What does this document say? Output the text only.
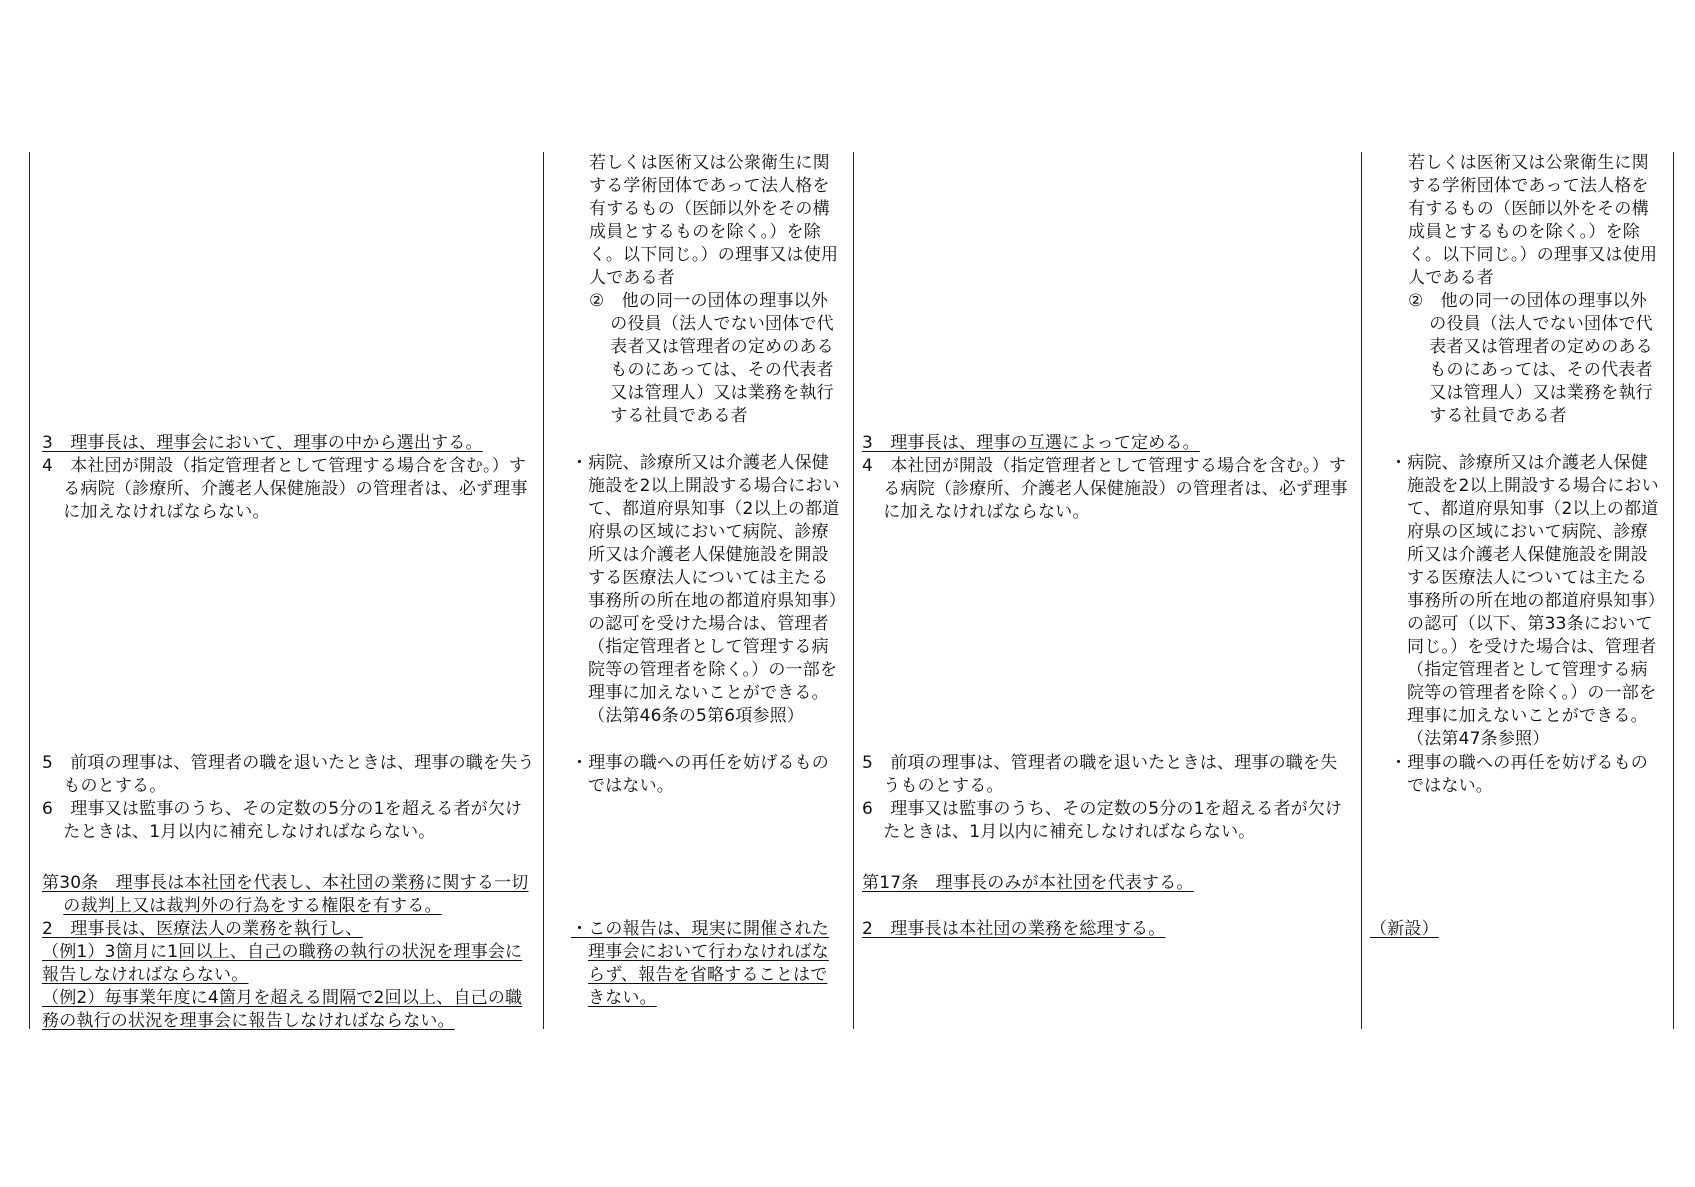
3　理事長は、理事会において、理事の中から選出する。

4　本社団が開設（指定管理者として管理する場合を含む。）する病院（診療所、介護老人保健施設）の管理者は、必ず理事に加えなければならない。

5　前項の理事は、管理者の職を退いたときは、理事の職を失うものとする。

6　理事又は監事のうち、その定数の5分の1を超える者が欠けたときは、1月以内に補充しなければならない。

第30条　理事長は本社団を代表し、本社団の業務に関する一切の裁判上又は裁判外の行為をする権限を有する。

2　理事長は、医療法人の業務を執行し、

（例1）3箇月に1回以上、自己の職務の執行の状況を理事会に報告しなければならない。

（例2）毎事業年度に4箇月を超える間隔で2回以上、自己の職務の執行の状況を理事会に報告しなければならない。

若しくは医術又は公衆衛生に関する学術団体であって法人格を有するもの（医師以外をその構成員とするものを除く。）を除く。以下同じ。）の理事又は使用人である者

②　他の同一の団体の理事以外の役員（法人でない団体で代表者又は管理者の定めのあるものにあっては、その代表者又は管理人）又は業務を執行する社員である者

・病院、診療所又は介護老人保健施設を2以上開設する場合において、都道府県知事（2以上の都道府県の区域において病院、診療所又は介護老人保健施設を開設する医療法人については主たる事務所の所在地の都道府県知事）の認可を受けた場合は、管理者（指定管理者として管理する病院等の管理者を除く。）の一部を理事に加えないことができる。（法第46条の5第6項参照）

・理事の職への再任を妨げるものではない。

・この報告は、現実に開催された理事会において行わなければならず、報告を省略することはできない。

3　理事長は、理事の互選によって定める。

4　本社団が開設（指定管理者として管理する場合を含む。）する病院（診療所、介護老人保健施設）の管理者は、必ず理事に加えなければならない。

5　前項の理事は、管理者の職を退いたときは、理事の職を失うものとする。

6　理事又は監事のうち、その定数の5分の1を超える者が欠けたときは、1月以内に補充しなければならない。

第17条　理事長のみが本社団を代表する。

2　理事長は本社団の業務を総理する。

若しくは医術又は公衆衛生に関する学術団体であって法人格を有するもの（医師以外をその構成員とするものを除く。）を除く。以下同じ。）の理事又は使用人である者

②　他の同一の団体の理事以外の役員（法人でない団体で代表者又は管理者の定めのあるものにあっては、その代表者又は管理人）又は業務を執行する社員である者

・病院、診療所又は介護老人保健施設を2以上開設する場合において、都道府県知事（2以上の都道府県の区域において病院、診療所又は介護老人保健施設を開設する医療法人については主たる事務所の所在地の都道府県知事）の認可（以下、第33条において同じ。）を受けた場合は、管理者（指定管理者として管理する病院等の管理者を除く。）の一部を理事に加えないことができる。（法第47条参照）

・理事の職への再任を妨げるものではない。

（新設）
